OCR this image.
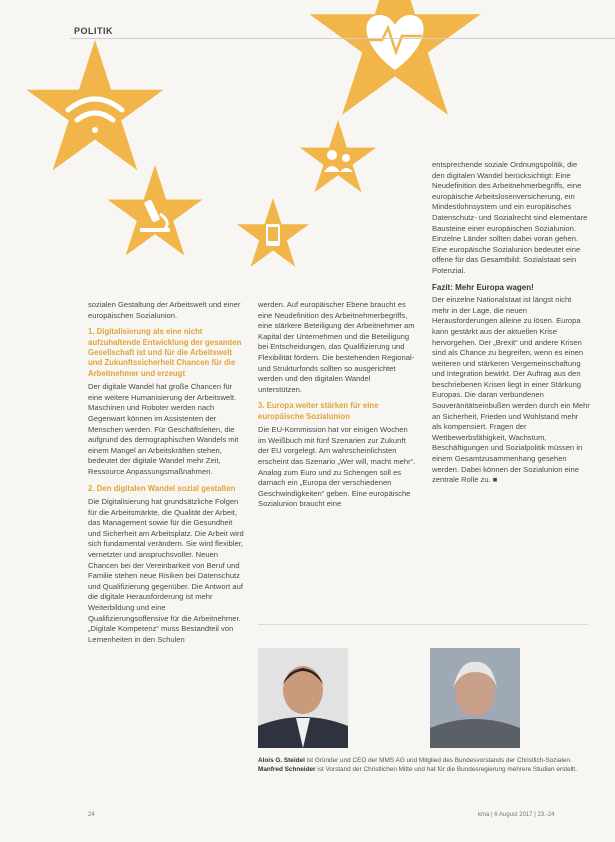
POLITIK

sozialen Gestaltung der Arbeitswelt und einer europäischen Sozialunion.

1. Digitalisierung als eine nicht aufzuhaltende Entwicklung der gesamten Gesellschaft ist und für die Arbeitswelt und Zukunftssicherheit Chancen für die Arbeitnehmer und erzeugt

Der digitale Wandel hat große Chancen für eine weitere Humanisierung der Arbeitswelt. Maschinen und Roboter werden nach Gegenwart können im Assistenten der Menschen werden. Für Geschäftsleiten, die aufgrund des demographischen Wandels mit einem Mangel an Arbeitskräften stehen, bedeutet der digitale Wandel mehr Zeit, Ressource Anpassungsmaßnahmen.

2. Den digitalen Wandel sozial gestalten

Die Digitalisierung hat grundsätzliche Folgen für die Arbeitsmärkte, die Qualität der Arbeit, das Management sowie für die Gesundheit und Sicherheit am Arbeitsplatz. Die Arbeit wird sich fundamental verändern. Sie wird flexibler, vernetzter und anspruchsvoller. Neuen Chancen bei der Vereinbarkeit von Beruf und Familie stehen neue Risiken bei Datenschutz und Qualifizierung gegenüber. Die Antwort auf die digitale Herausforderung ist mehr Weiterbildung und eine Qualifizierungsoffensive für die Arbeitnehmer. „Digitale Kompetenz“ muss Bestandteil von Lernenheiten in den Schulen

werden. Auf europäischer Ebene braucht es eine Neudefinition des Arbeitnehmerbegriffs, eine stärkere Beteiligung der Arbeitnehmer am Kapital der Unternehmen und die Beteiligung bei Entscheidungen, das Qualifizierung und Flexibilität fördern. Die bestehenden Regional- und Strukturfonds sollten so ausgerichtet werden und den digitalen Wandel unterstützen.

3. Europa weiter stärken für eine europäische Sozialunion

Die EU-Kommission hat vor einigen Wochen im Weißbuch mit fünf Szenarien zur Zukunft der EU vorgelegt. Am wahrscheinlichsten erscheint das Szenario „Wer will, macht mehr“. Analog zum Euro und zu Schengen soll es darnach ein „Europa der verschiedenen Geschwindigkeiten“ geben. Eine europäische Sozialunion braucht eine

entsprechende soziale Ordnungspolitik, die den digitalen Wandel berücksichtigt: Eine Neudefinition des Arbeitnehmerbegriffs, eine europäische Arbeitslosenversicherung, ein Mindestlohnsystem und ein europäisches Datenschutz- und Sozialrecht sind elementare Bausteine einer europäischen Sozialunion. Einzelne Länder sollten dabei voran gehen. Eine europäische Sozialunion bedeutet eine offene für das Gesamtbild: Sozialstaat sein Potenzial.

Fazit: Mehr Europa wagen!

Der einzelne Nationalstaat ist längst nicht mehr in der Lage, die neuen Herausforderungen alleine zu lösen. Europa kann gestärkt aus der aktuellen Krise hervorgehen. Der „Brexit“ und andere Krisen sind als Chance zu begreifen, wenn es einen weiteren und stärkeren Vergemeinschaftung und Integration bewirkt. Der Auftrag aus den beschriebenen Krisen liegt in einer Stärkung Europas. Die daran verbundenen Souveränitätseinbußen werden durch ein Mehr an Sicherheit, Frieden und Wohlstand mehr als kompensiert. Fragen der Wettbewerbsfähigkeit, Wachstum, Beschäftigungen und Sozialpolitik müssen in einem Gesamtzusammenhang gesehen werden. Dabei können der Sozialunion eine zentrale Rolle zu. ■

Alois G. Steidel ist Gründer und CEO der MMS AG und Mitglied des Bundesvorstands der Christlich-Sozialen. Manfred Schneider ist Vorstand der Christlichen Mitte und hat für die Bundesregierung mehrere Studien erstellt.
24	kma | 6 August 2017 | 23.-24
